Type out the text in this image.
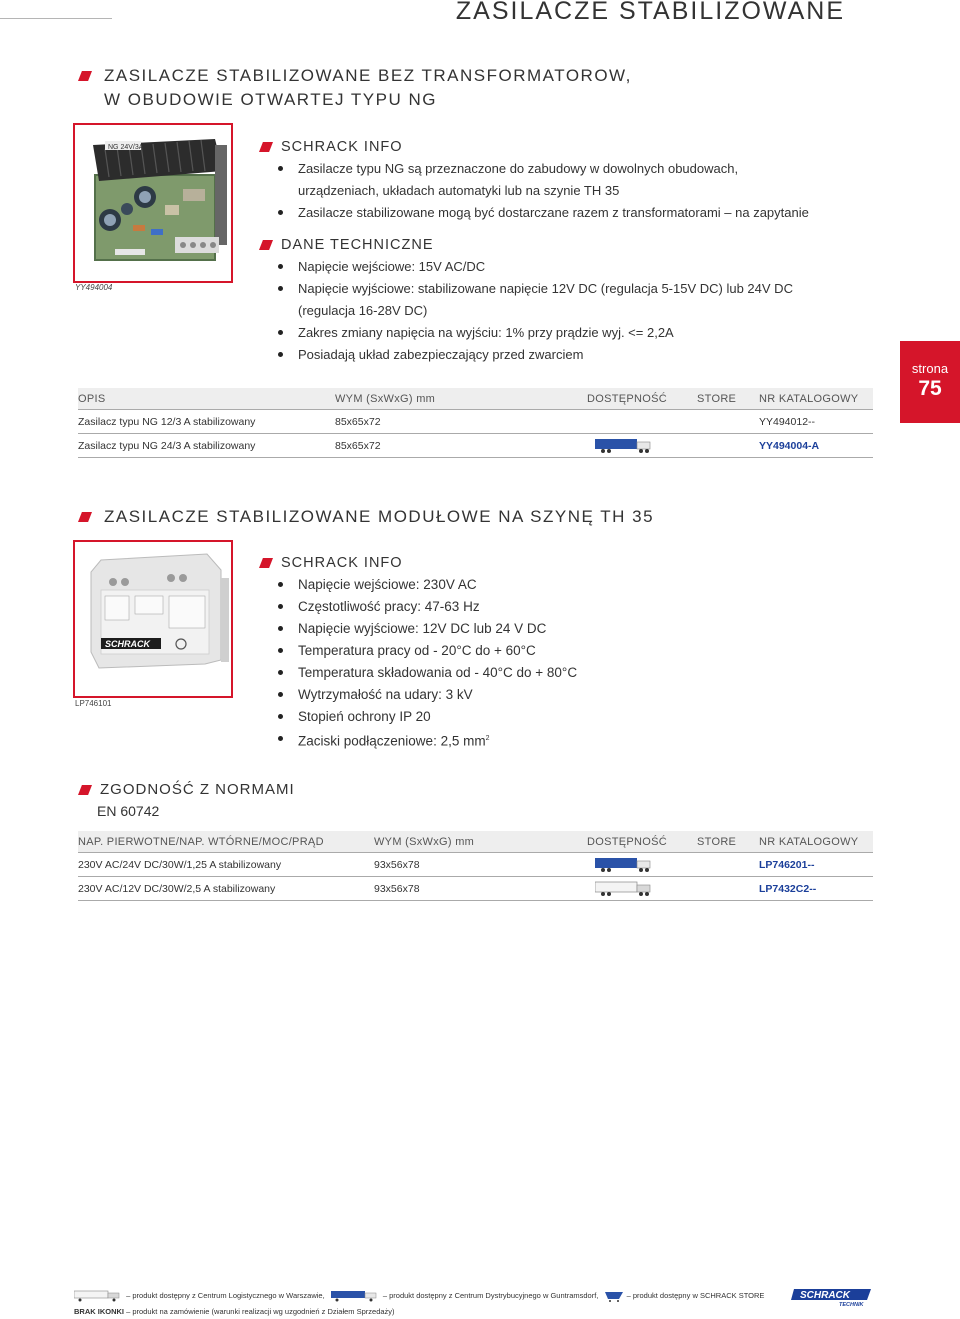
ZASILACZE STABILIZOWANE
ZASILACZE STABILIZOWANE BEZ TRANSFORMATOROW,
W OBUDOWIE OTWARTEJ TYPU NG
NG 24V/3A
YY494004
SCHRACK INFO
Zasilacze typu NG są przeznaczone do zabudowy w dowolnych obudowach,
urządzeniach, układach automatyki lub na szynie TH 35
Zasilacze stabilizowane mogą być dostarczane razem z transformatorami – na zapytanie
DANE TECHNICZNE
Napięcie wejściowe: 15V AC/DC
Napięcie wyjściowe: stabilizowane napięcie 12V DC (regulacja 5-15V DC) lub 24V DC
(regulacja 16-28V DC)
Zakres zmiany napięcia na wyjściu: 1% przy prądzie wyj. <= 2,2A
Posiadają układ zabezpieczający przed zwarciem
strona
75
OPIS	WYM (SxWxG) mm	DOSTĘPNOŚĆ	STORE NR KATALOGOWY
Zasilacz typu NG 12/3 A stabilizowany	85x65x72	YY494012--
Zasilacz typu NG 24/3 A stabilizowany	85x65x72	YY494004-A
ZASILACZE STABILIZOWANE MODUŁOWE NA SZYNĘ TH 35
SCHRACK
LP746101
SCHRACK INFO
Napięcie wejściowe: 230V AC
Częstotliwość pracy: 47-63 Hz
Napięcie wyjściowe: 12V DC lub 24 V DC
Temperatura pracy od - 20°C do + 60°C
Temperatura składowania od - 40°C do + 80°C
Wytrzymałość na udary: 3 kV
Stopień ochrony IP 20
Zaciski podłączeniowe: 2,5 $mm^2$
ZGODNOŚĆ Z NORMAMI
EN 60742
NAP. PIERWOTNE/NAP. WTÓRNE/MOC/PRĄD	WYM (SxWxG) mm	DOSTĘPNOŚĆ	STORE NR KATALOGOWY
230V AC/24V DC/30W/1,25 A stabilizowany	93x56x78	LP746201--
230V AC/12V DC/30W/2,5 A stabilizowany	93x56x78	LP7432C2--
– produkt dostępny z Centrum Logistycznego w Warszawie,	– produkt dostępny z Centrum Dystrybucyjnego w Guntramsdorf,	– produkt dostępny w SCHRACK STORE
BRAK IKONKI – produkt na zamówienie (warunki realizacji wg uzgodnień z Działem Sprzedaży)
SCHRACK
TECHNIK
